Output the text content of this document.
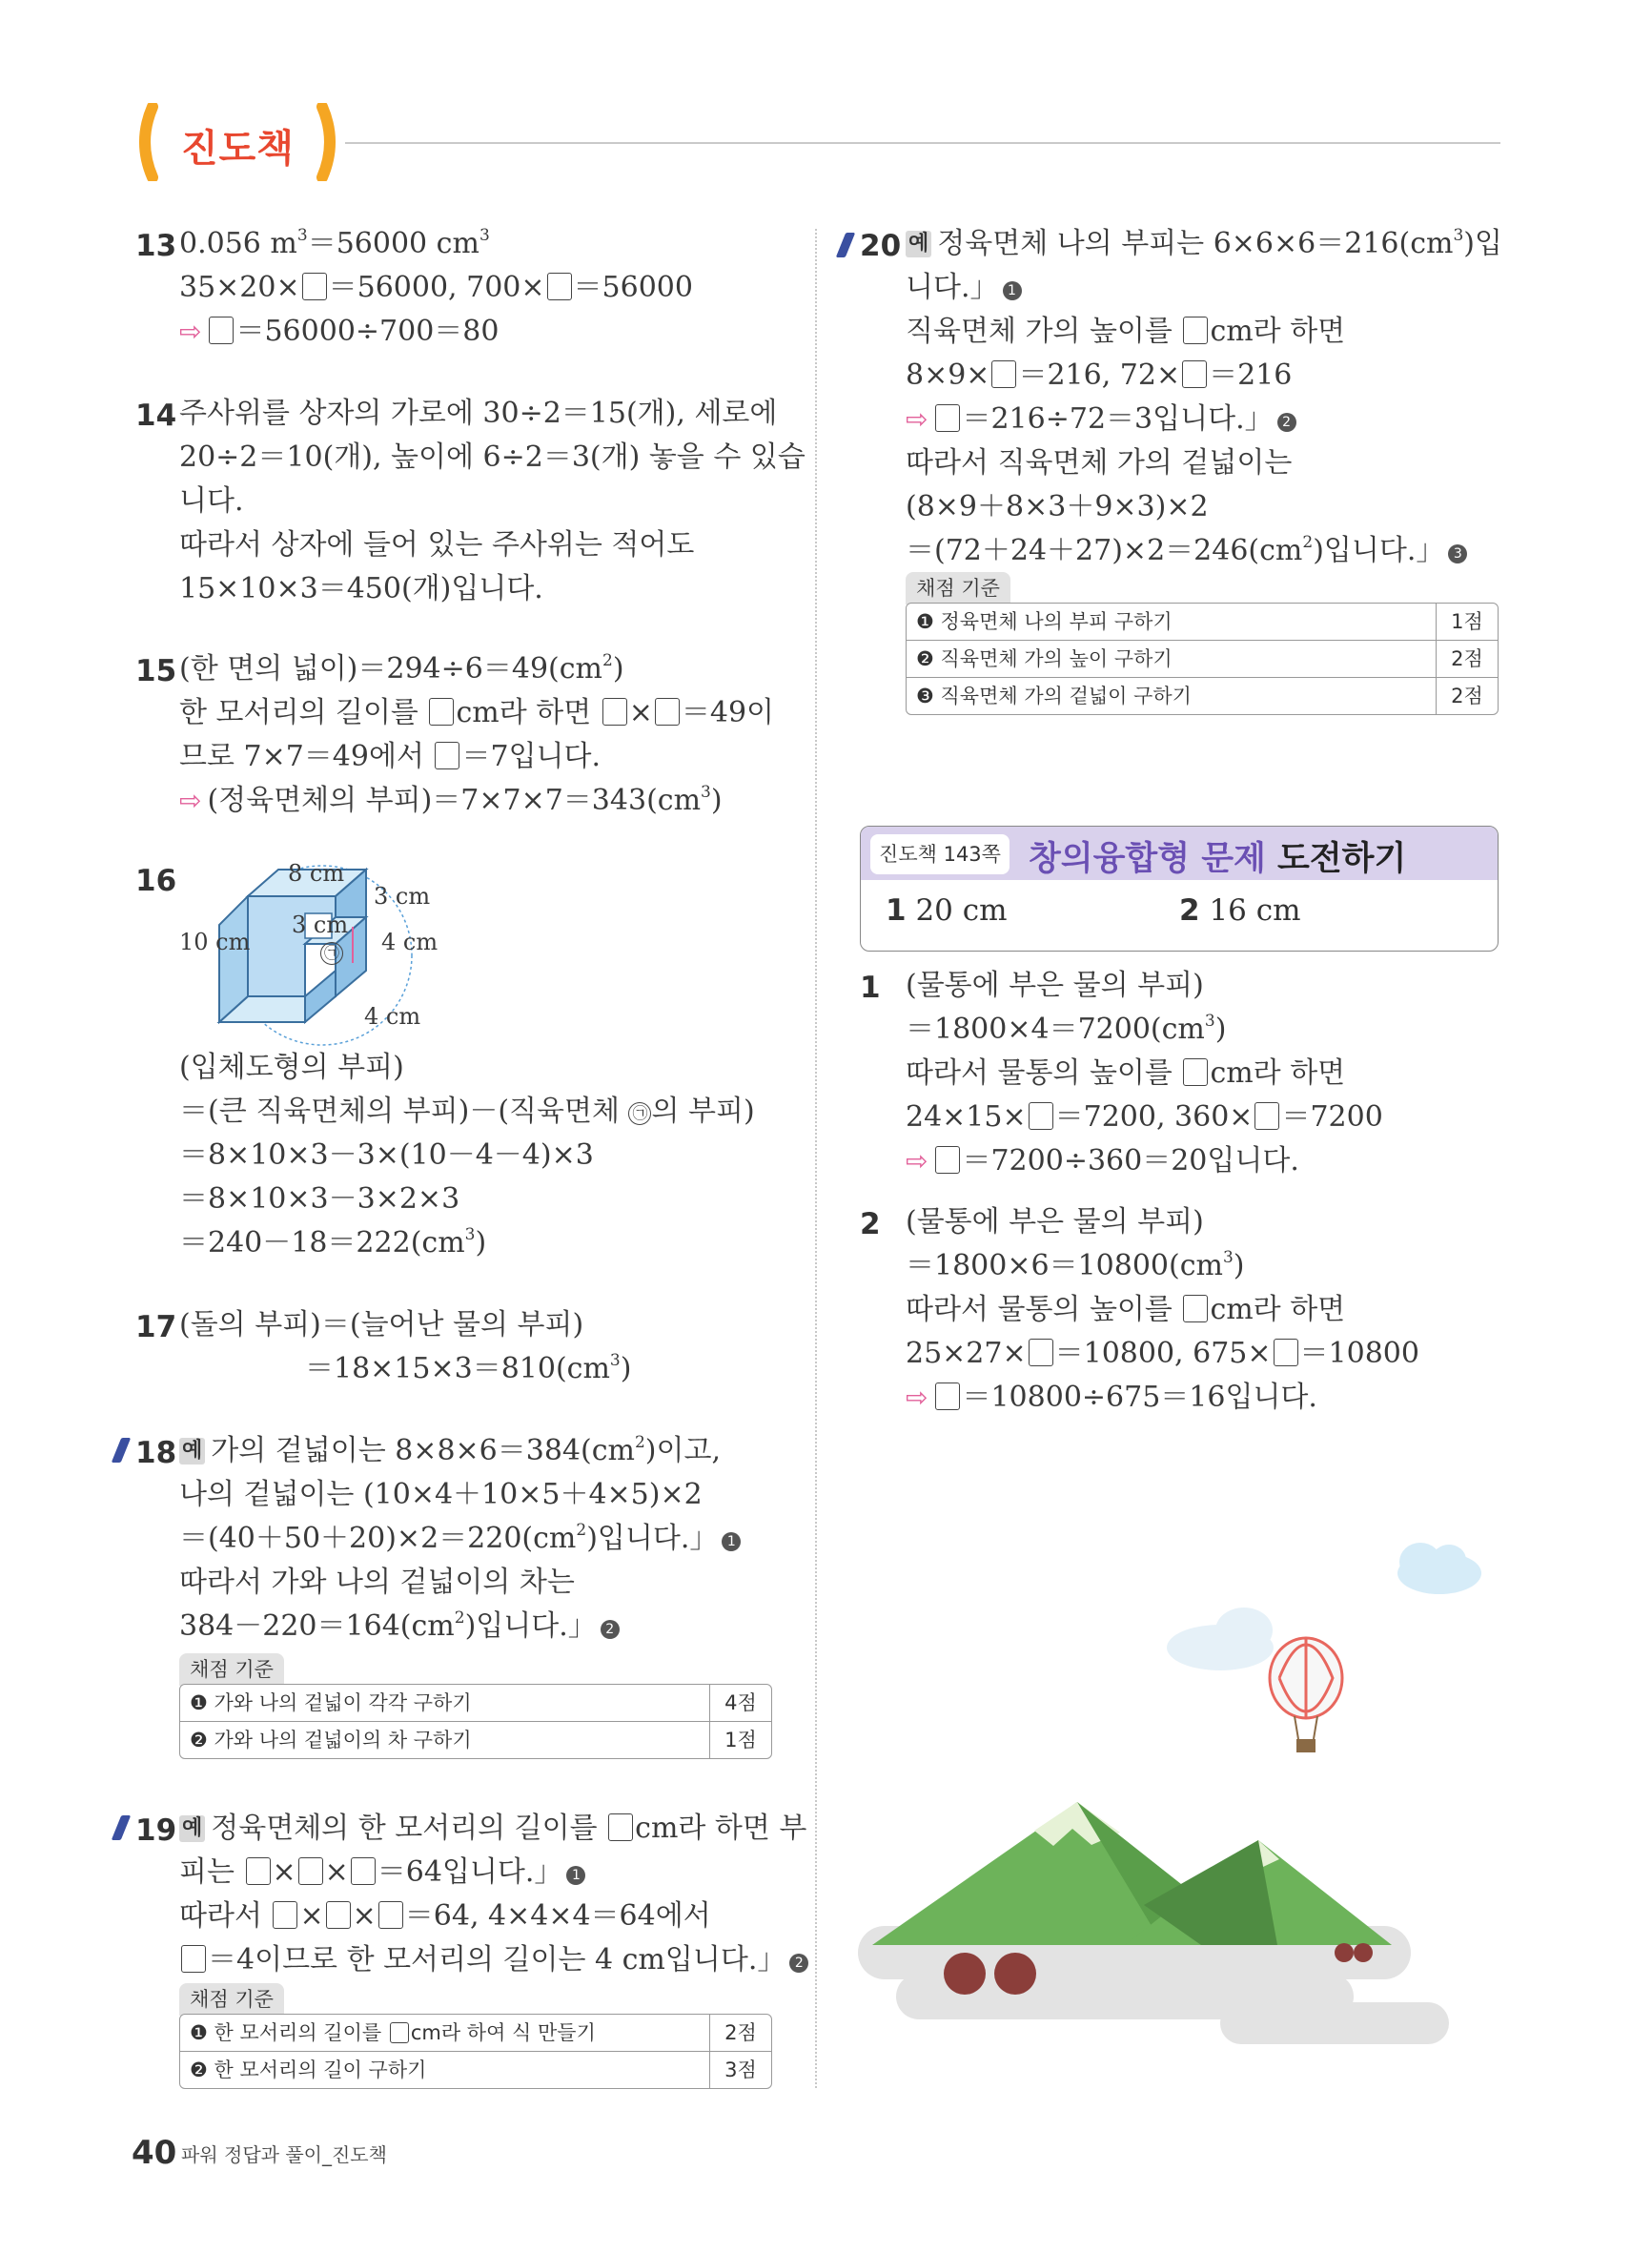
진도책
13 0.056 $m^3=56000$ $cm^3$
35×20× ＝56000, 700× ＝56000
⇨ ＝56000÷700＝80
14 주사위를 상자의 가로에 30÷2＝15(개), 세로에
20÷2＝10(개), 높이에 6÷2＝3(개) 놓을 수 있습
니다.
따라서 상자에 들어 있는 주사위는 적어도
15×10×3＝450(개)입니다.
15 (한 면의 넓이)$=294\div 6=49(cm^2)$
한 모서리의 길이를 cm라 하면 × ＝49이
므로 7×7＝49에서 ＝7입니다.
⇨ (정육면체의 부피)$=7\times 7\times 7=343(cm^3)$
16	8 cm
3 cm
3 cm
4 cm
10 cm
4 cm
㉠
(입체도형의 부피)
＝(큰 직육면체의 부피)－(직육면체 ㉠ 의 부피)
＝8×10×3－3×(10－4－4)×3
＝8×10×3－3×2×3
$=240-18=222(cm^3)$
17 (돌의 부피)＝(늘어난 물의 부피)
$=18\times 15\times 3=810(cm^3)$
18 예 가의 겉넓이는 $8\times 8\times 6=384(cm^2)$이고,
나의 겉넓이는 (10×4＋10×5＋4×5)×2
$=(40+50+20)\times 2=220(cm^2)$입니다.」 1
따라서 가와 나의 겉넓이의 차는
$384-220=164(cm^2)$입니다.」 2
채점 기준
❶ 가와 나의 겉넓이 각각 구하기	4점
❷ 가와 나의 겉넓이의 차 구하기	1점
19 예 정육면체의 한 모서리의 길이를 cm라 하면 부
피는 × × ＝64입니다.」 1
따라서 × × ＝64, 4×4×4＝64에서
＝4이므로 한 모서리의 길이는 4 cm입니다.」 2
채점 기준
❶ 한 모서리의 길이를 cm라 하여 식 만들기	2점
❷ 한 모서리의 길이 구하기	3점
20 예 정육면체 나의 부피는 $6\times 6\times 6=216(cm^3)$입
니다.」 1
직육면체 가의 높이를 cm라 하면
8×9× ＝216, 72× ＝216
⇨ ＝216÷72＝3입니다.」 2
따라서 직육면체 가의 겉넓이는
(8×9＋8×3＋9×3)×2
$=(72+24+27)\times 2=246(cm^2)$입니다.」 3
채점 기준
❶ 정육면체 나의 부피 구하기	1점
❷ 직육면체 가의 높이 구하기	2점
❸ 직육면체 가의 겉넓이 구하기	2점
진도책 143쪽 창의융합형 문제 도전하기
1 20 cm	2 16 cm
1 (물통에 부은 물의 부피)
$=1800\times 4=7200(cm^3)$
따라서 물통의 높이를 cm라 하면
24×15× ＝7200, 360× ＝7200
⇨ ＝7200÷360＝20입니다.
2 (물통에 부은 물의 부피)
$=1800\times 6=10800(cm^3)$
따라서 물통의 높이를 cm라 하면
25×27× ＝10800, 675× ＝10800
⇨ ＝10800÷675＝16입니다.
40 파워 정답과 풀이_진도책
